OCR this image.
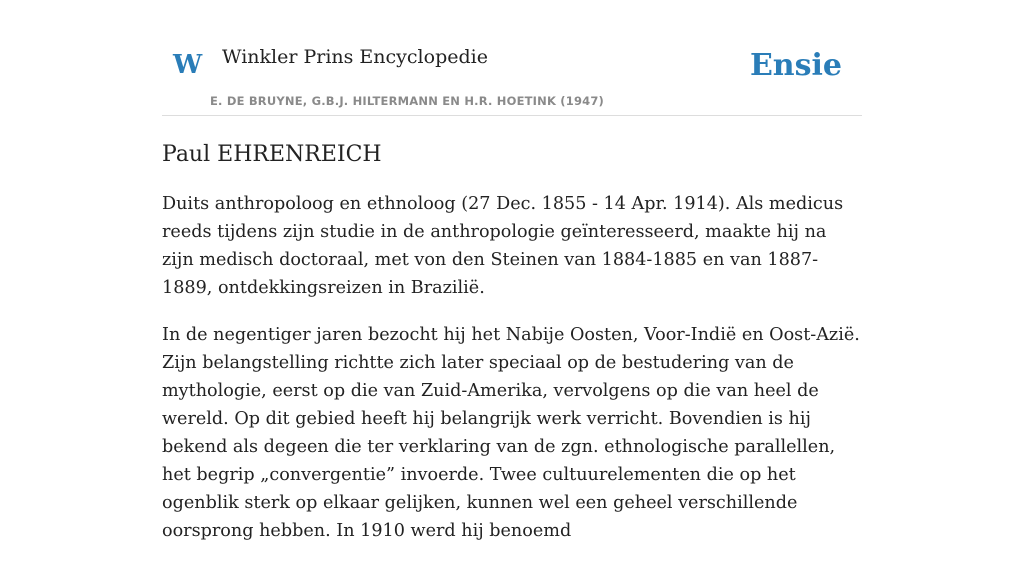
W Winkler Prins Encyclopedie
E. DE BRUYNE, G.B.J. HILTERMANN EN H.R. HOETINK (1947)
Ensie
Paul EHRENREICH

Duits anthropoloog en ethnoloog (27 Dec. 1855 - 14 Apr. 1914). Als medicus reeds tijdens zijn studie in de anthropologie geïnteresseerd, maakte hij na zijn medisch doctoraal, met von den Steinen van 1884-1885 en van 1887-1889, ontdekkingsreizen in Brazilië.

In de negentiger jaren bezocht hij het Nabije Oosten, Voor-Indië en Oost-Azië. Zijn belangstelling richtte zich later speciaal op de bestudering van de mythologie, eerst op die van Zuid-Amerika, vervolgens op die van heel de wereld. Op dit gebied heeft hij belangrijk werk verricht. Bovendien is hij bekend als degeen die ter verklaring van de zgn. ethnologische parallellen, het begrip „convergentie” invoerde. Twee cultuurelementen die op het ogenblik sterk op elkaar gelijken, kunnen wel een geheel verschillende oorsprong hebben. In 1910 werd hij benoemd
